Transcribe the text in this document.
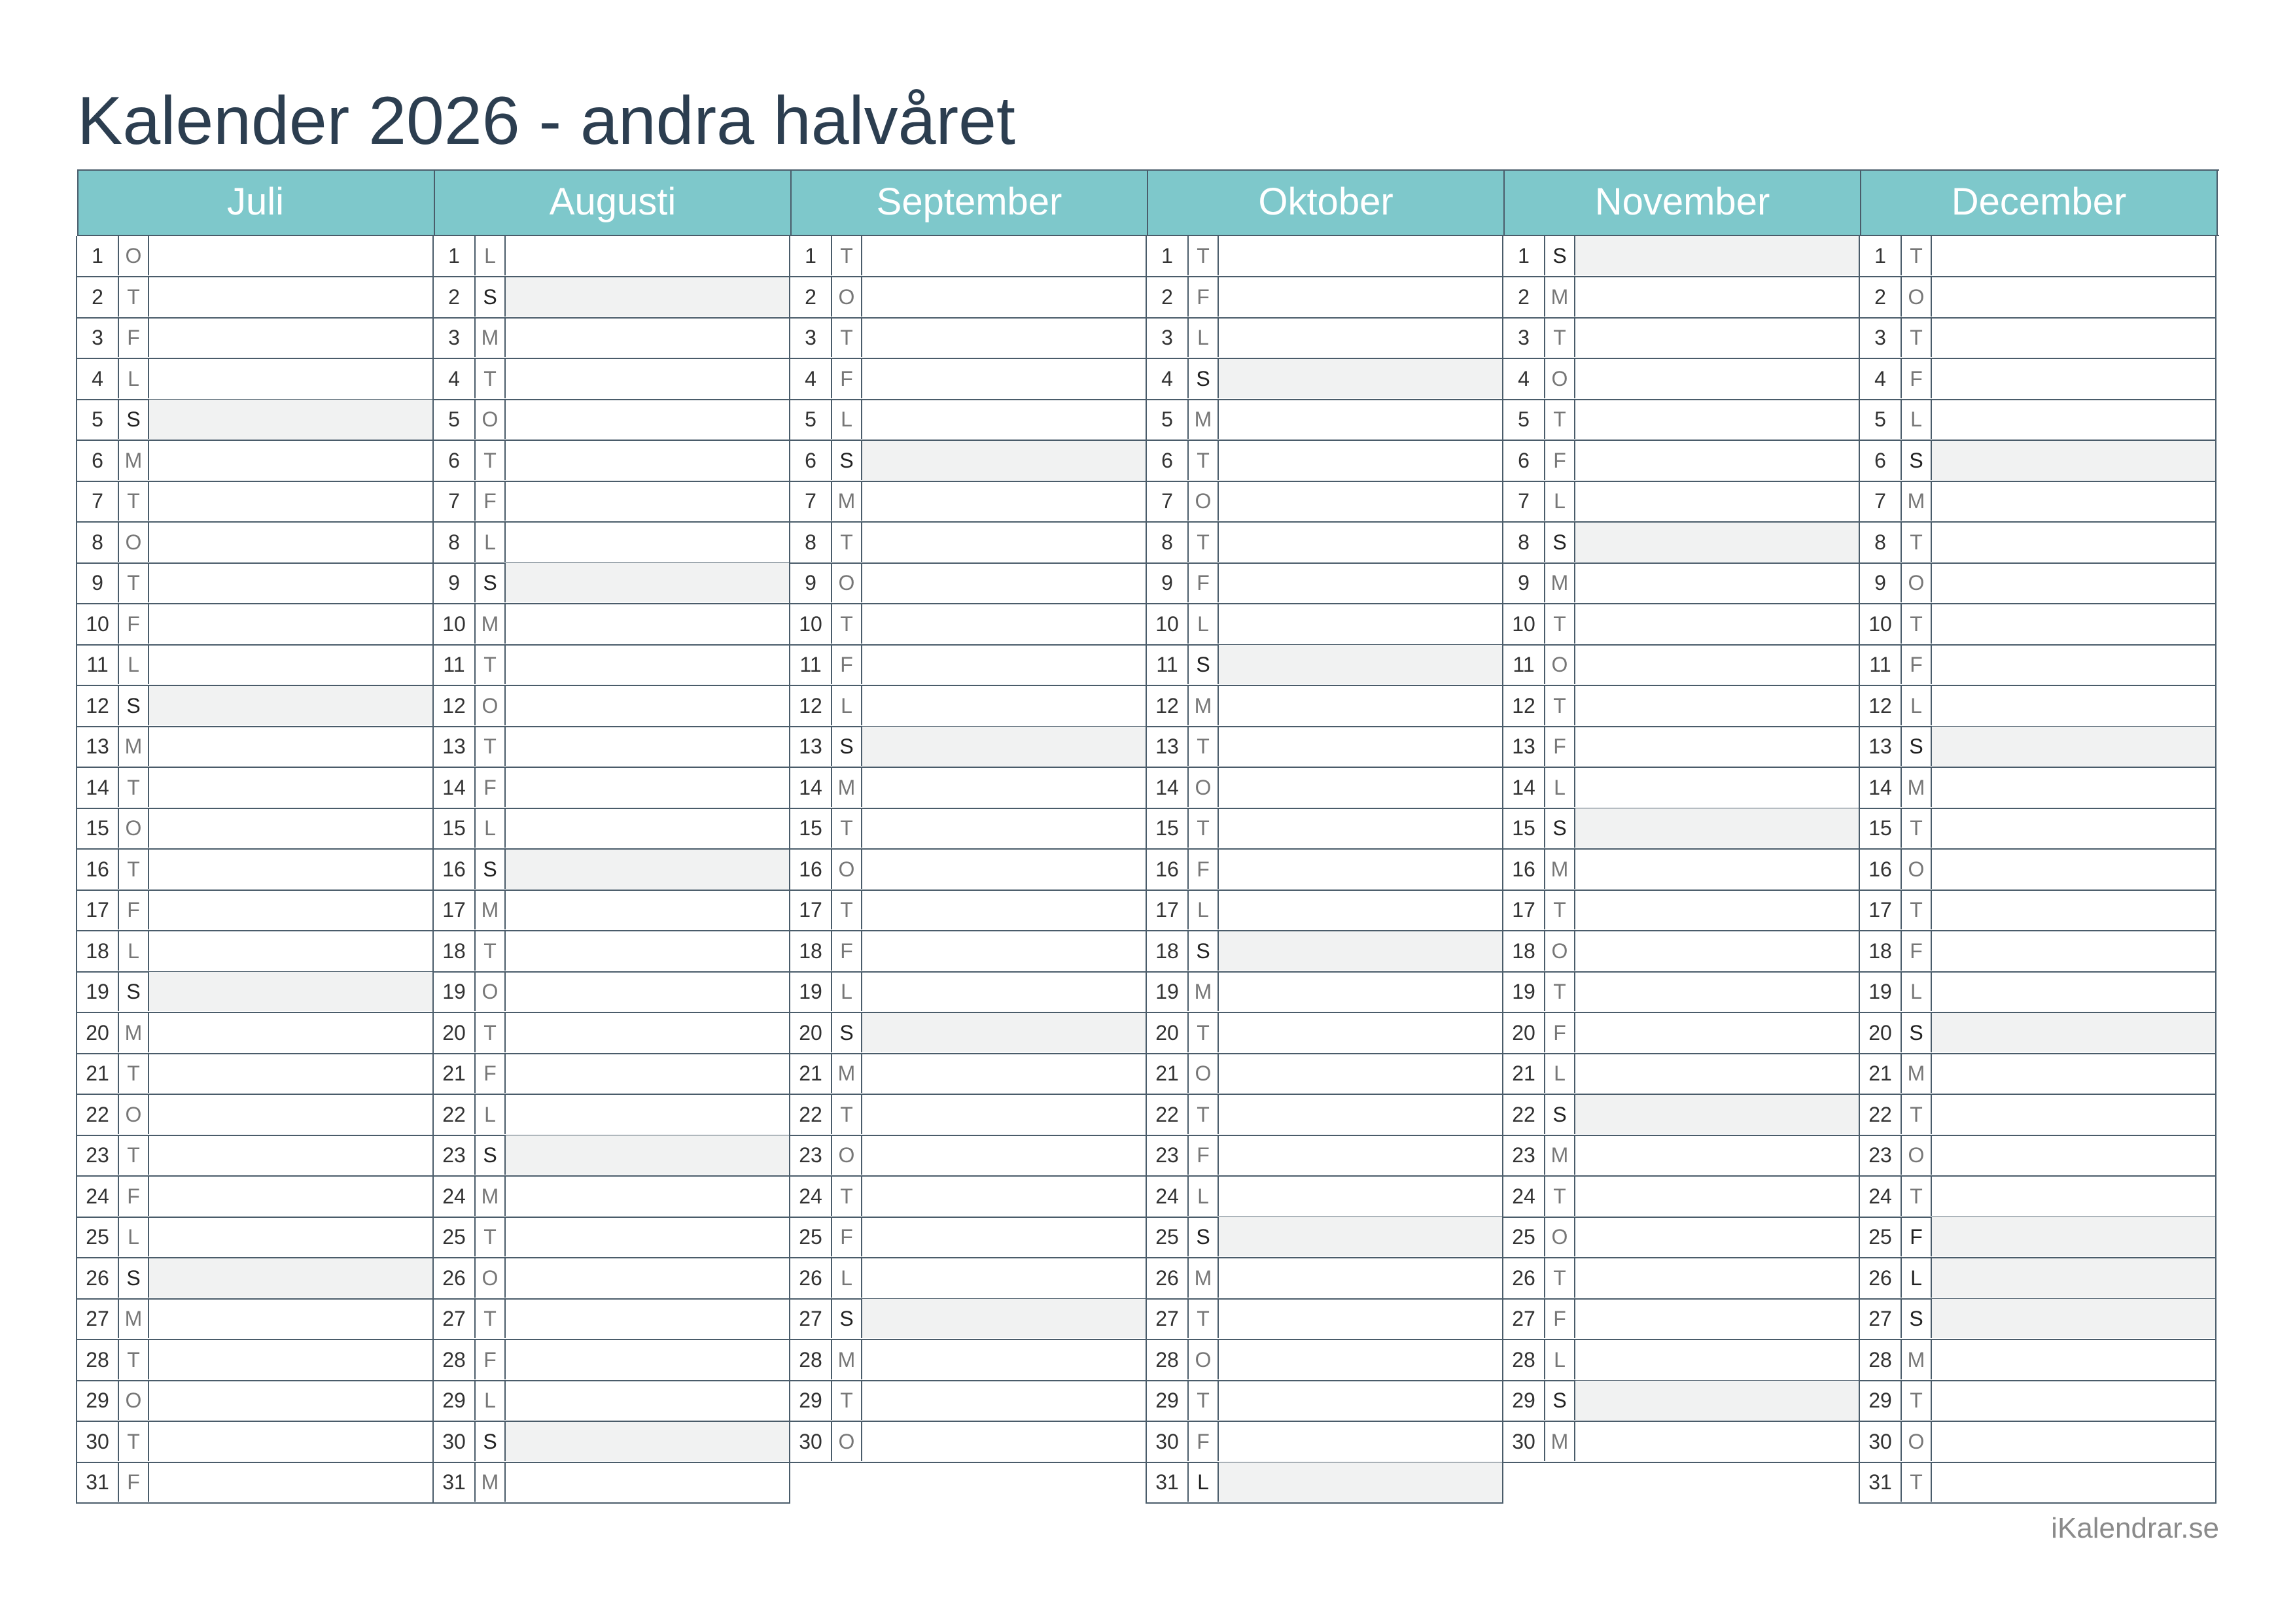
Kalender 2026 - andra halvåret
Juli
1	O
2	T
3	F
4	L
5	S
6	M
7	T
8	O
9	T
10 F
11 L
12 S
13 M
14 T
15 O
16 T
17 F
18 L
19 S
20 M
21 T
22 O
23 T
24 F
25 L
26 S
27 M
28 T
29 O
30 T
31 F
Augusti
1	L
2	S
3	M
4	T
5	O
6	T
7	F
8	L
9	S
10 M
11 T
12 O
13 T
14 F
15 L
16 S
17 M
18 T
19 O
20 T
21 F
22 L
23 S
24 M
25 T
26 O
27 T
28 F
29 L
30 S
31 M
September
1	T
2	O
3	T
4	F
5	L
6	S
7	M
8	T
9	O
10 T
11 F
12 L
13 S
14 M
15 T
16 O
17 T
18 F
19 L
20 S
21 M
22 T
23 O
24 T
25 F
26 L
27 S
28 M
29 T
30 O
Oktober
1	T
2	F
3	L
4	S
5	M
6	T
7	O
8	T
9	F
10 L
11 S
12 M
13 T
14 O
15 T
16 F
17 L
18 S
19 M
20 T
21 O
22 T
23 F
24 L
25 S
26 M
27 T
28 O
29 T
30 F
31 L
November
1	S
2	M
3	T
4	O
5	T
6	F
7	L
8	S
9	M
10 T
11 O
12 T
13 F
14 L
15 S
16 M
17 T
18 O
19 T
20 F
21 L
22 S
23 M
24 T
25 O
26 T
27 F
28 L
29 S
30 M
December
1	T
2	O
3	T
4	F
5	L
6	S
7	M
8	T
9	O
10 T
11 F
12 L
13 S
14 M
15 T
16 O
17 T
18 F
19 L
20 S
21 M
22 T
23 O
24 T
25 F
26 L
27 S
28 M
29 T
30 O
31 T
iKalendrar.se
